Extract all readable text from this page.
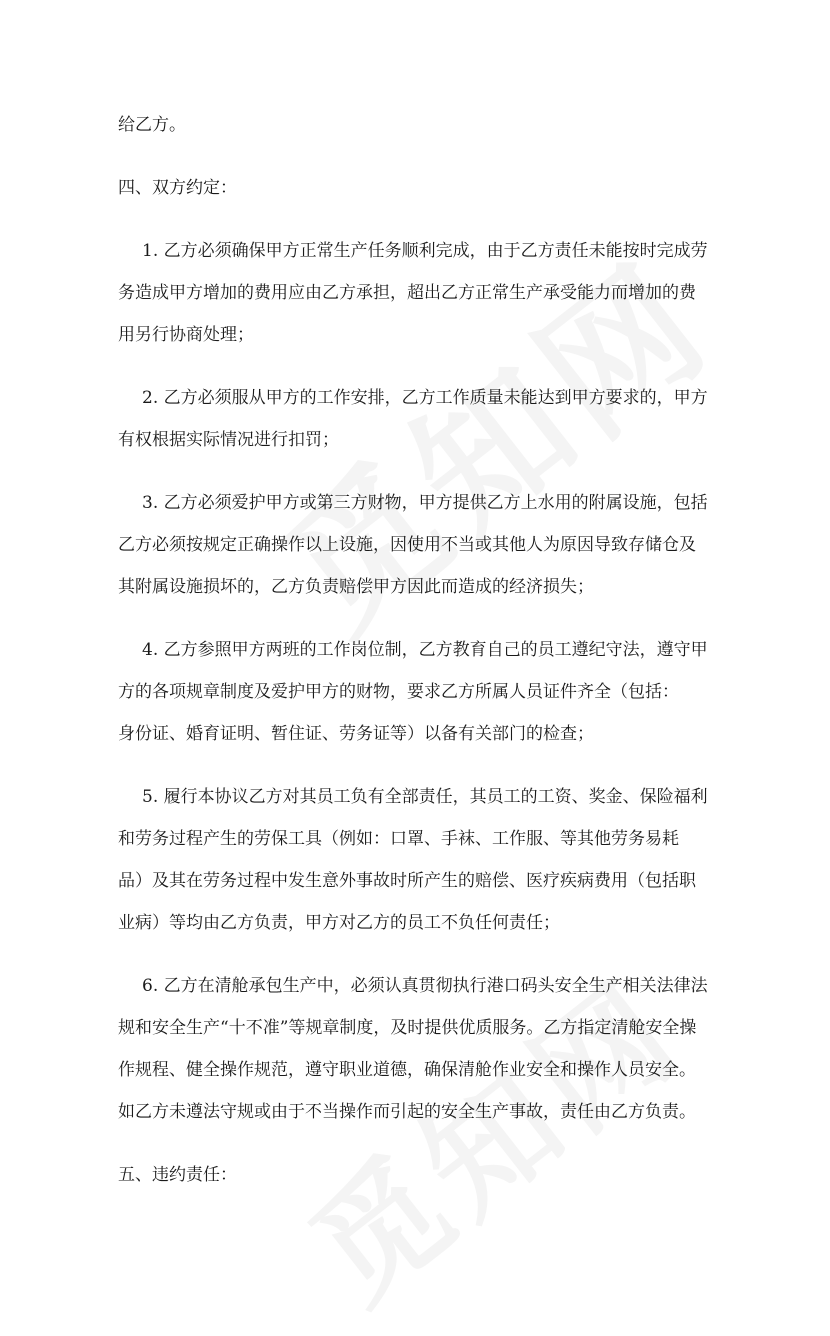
给乙方。
四、双方约定：
1. 乙方必须确保甲方正常生产任务顺利完成，由于乙方责任未能按时完成劳
务造成甲方增加的费用应由乙方承担，超出乙方正常生产承受能力而增加的费
用另行协商处理；
2. 乙方必须服从甲方的工作安排，乙方工作质量未能达到甲方要求的，甲方
有权根据实际情况进行扣罚；
3. 乙方必须爱护甲方或第三方财物，甲方提供乙方上水用的附属设施，包括
乙方必须按规定正确操作以上设施，因使用不当或其他人为原因导致存储仓及
其附属设施损坏的，乙方负责赔偿甲方因此而造成的经济损失；
4. 乙方参照甲方两班的工作岗位制，乙方教育自己的员工遵纪守法，遵守甲
方的各项规章制度及爱护甲方的财物，要求乙方所属人员证件齐全（包括：
身份证、婚育证明、暂住证、劳务证等）以备有关部门的检查；
5. 履行本协议乙方对其员工负有全部责任，其员工的工资、奖金、保险福利
和劳务过程产生的劳保工具（例如：口罩、手袜、工作服、等其他劳务易耗
品）及其在劳务过程中发生意外事故时所产生的赔偿、医疗疾病费用（包括职
业病）等均由乙方负责，甲方对乙方的员工不负任何责任；
6. 乙方在清舱承包生产中，必须认真贯彻执行港口码头安全生产相关法律法
规和安全生产“十不准”等规章制度，及时提供优质服务。乙方指定清舱安全操
作规程、健全操作规范，遵守职业道德，确保清舱作业安全和操作人员安全。
如乙方未遵法守规或由于不当操作而引起的安全生产事故，责任由乙方负责。
五、违约责任：
